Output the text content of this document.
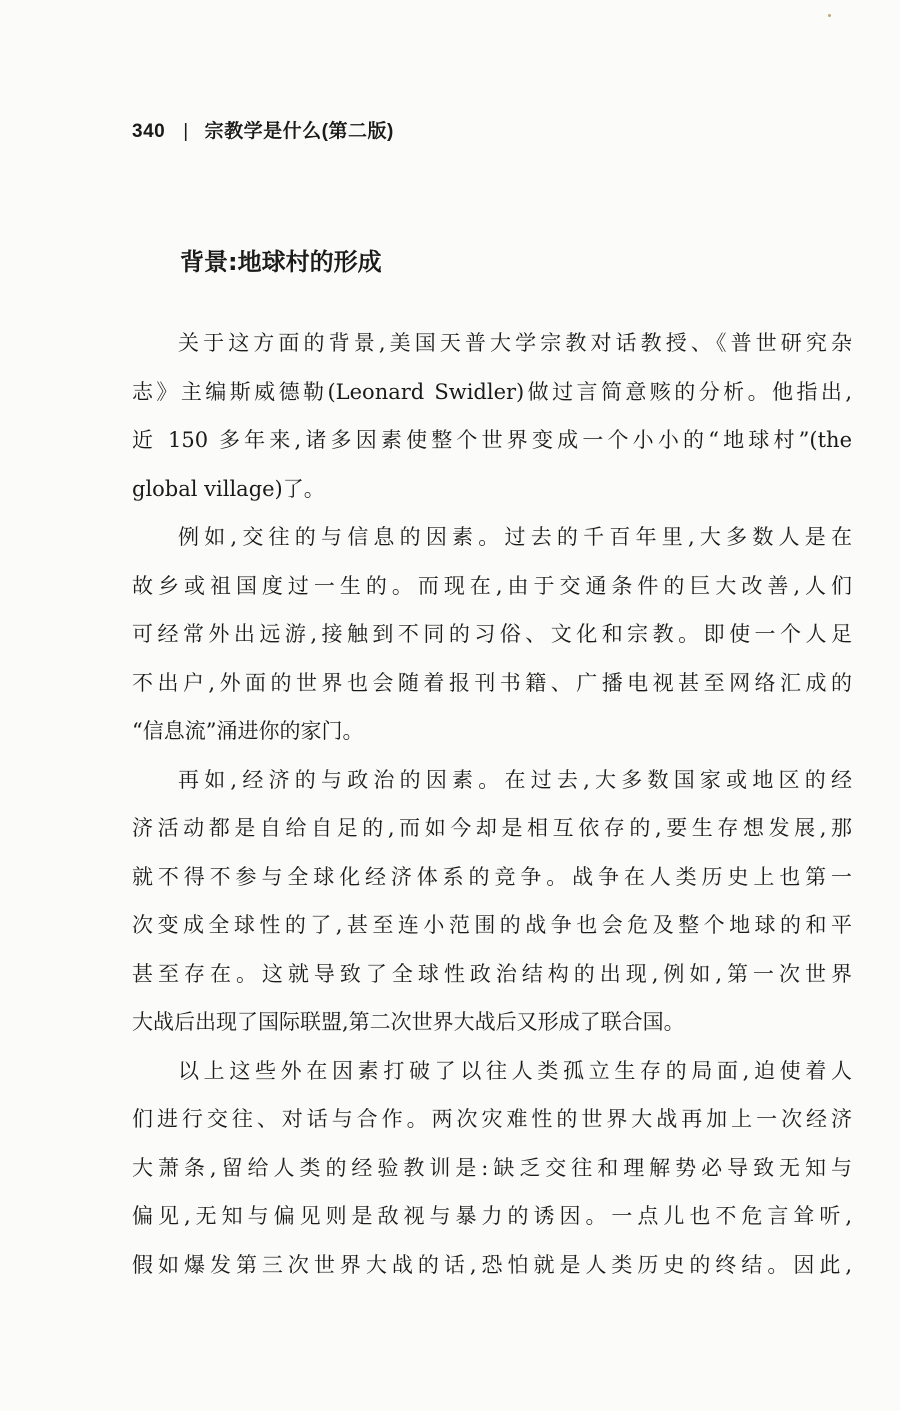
340 | 宗教学是什么(第二版)
背景:地球村的形成
关于这方面的背景,美国天普大学宗教对话教授、《普世研究杂
志》主编斯威德勒(Leonard Swidler)做过言简意赅的分析。他指出,
近 150 多年来,诸多因素使整个世界变成一个小小的“地球村”(the
global village)了。
例如,交往的与信息的因素。过去的千百年里,大多数人是在
故乡或祖国度过一生的。而现在,由于交通条件的巨大改善,人们
可经常外出远游,接触到不同的习俗、文化和宗教。即使一个人足
不出户,外面的世界也会随着报刊书籍、广播电视甚至网络汇成的
“信息流”涌进你的家门。
再如,经济的与政治的因素。在过去,大多数国家或地区的经
济活动都是自给自足的,而如今却是相互依存的,要生存想发展,那
就不得不参与全球化经济体系的竞争。战争在人类历史上也第一
次变成全球性的了,甚至连小范围的战争也会危及整个地球的和平
甚至存在。这就导致了全球性政治结构的出现,例如,第一次世界
大战后出现了国际联盟,第二次世界大战后又形成了联合国。
以上这些外在因素打破了以往人类孤立生存的局面,迫使着人
们进行交往、对话与合作。两次灾难性的世界大战再加上一次经济
大萧条,留给人类的经验教训是:缺乏交往和理解势必导致无知与
偏见,无知与偏见则是敌视与暴力的诱因。一点儿也不危言耸听,
假如爆发第三次世界大战的话,恐怕就是人类历史的终结。因此,
